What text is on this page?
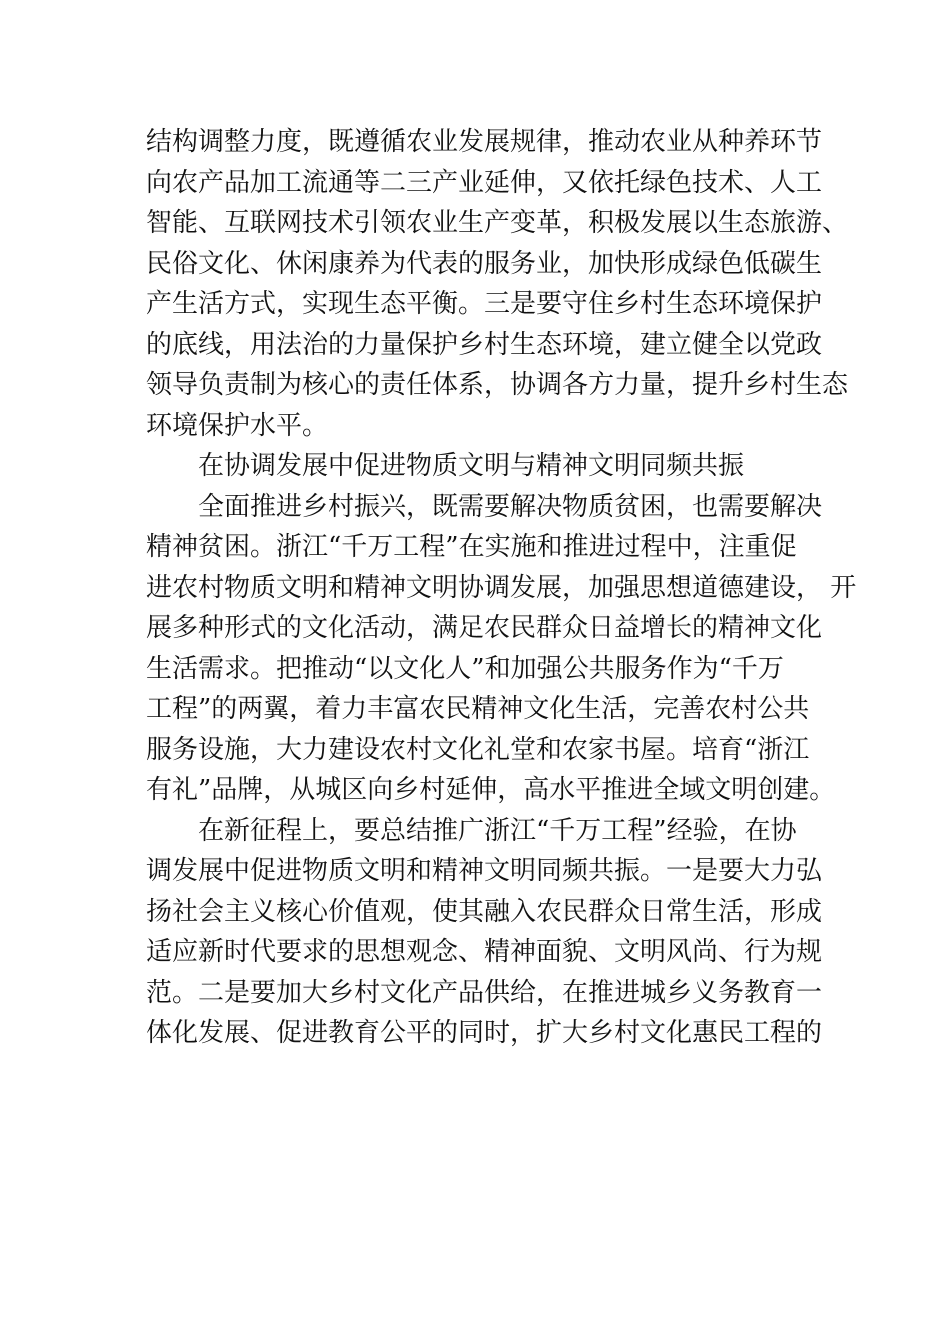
结构调整力度，既遵循农业发展规律，推动农业从种养环节
向农产品加工流通等二三产业延伸，又依托绿色技术、人工
智能、互联网技术引领农业生产变革，积极发展以生态旅游、
民俗文化、休闲康养为代表的服务业，加快形成绿色低碳生
产生活方式，实现生态平衡。三是要守住乡村生态环境保护
的底线，用法治的力量保护乡村生态环境，建立健全以党政
领导负责制为核心的责任体系，协调各方力量，提升乡村生态
环境保护水平。
在协调发展中促进物质文明与精神文明同频共振
全面推进乡村振兴，既需要解决物质贫困，也需要解决
精神贫困。浙江“千万工程”在实施和推进过程中，注重促
进农村物质文明和精神文明协调发展，加强思想道德建设， 开
展多种形式的文化活动，满足农民群众日益增长的精神文化
生活需求。把推动“以文化人”和加强公共服务作为“千万
工程”的两翼，着力丰富农民精神文化生活，完善农村公共
服务设施，大力建设农村文化礼堂和农家书屋。培育“浙江
有礼”品牌，从城区向乡村延伸，高水平推进全域文明创建。
在新征程上，要总结推广浙江“千万工程”经验，在协
调发展中促进物质文明和精神文明同频共振。一是要大力弘
扬社会主义核心价值观，使其融入农民群众日常生活，形成
适应新时代要求的思想观念、精神面貌、文明风尚、行为规
范。二是要加大乡村文化产品供给，在推进城乡义务教育一
体化发展、促进教育公平的同时，扩大乡村文化惠民工程的
